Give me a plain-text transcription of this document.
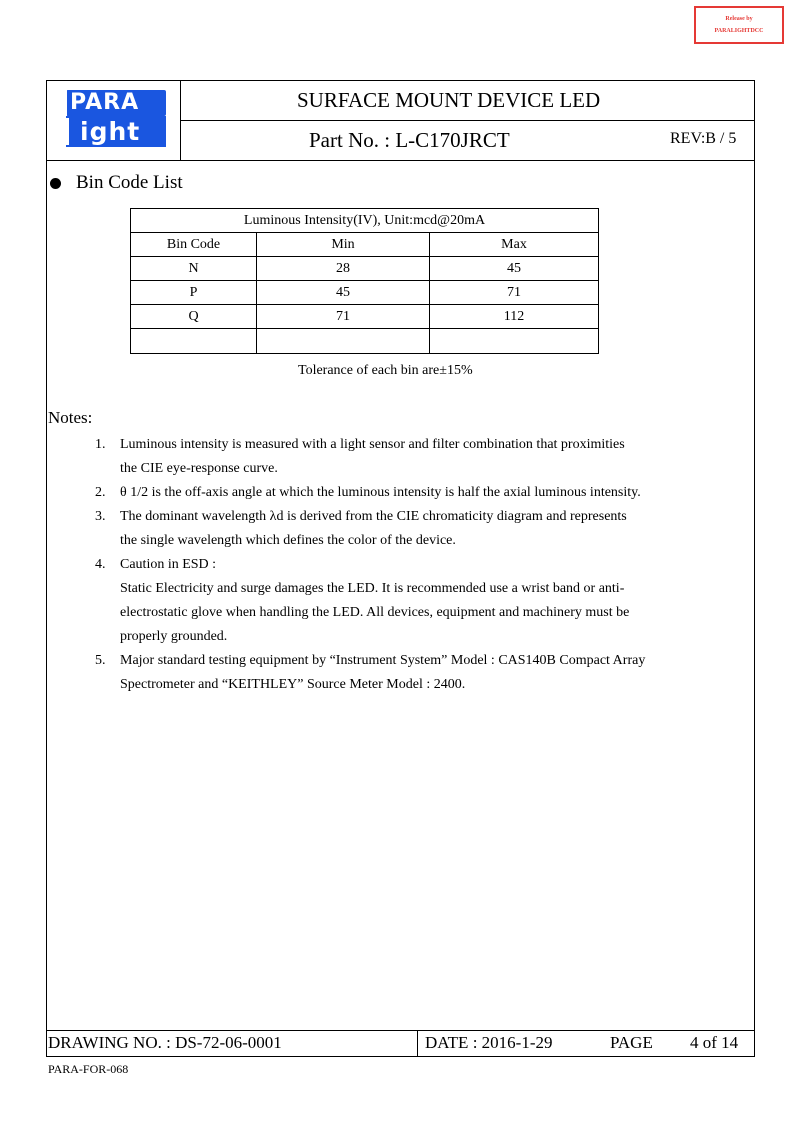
Release by
PARALIGHTDCC
PARA
ight
SURFACE MOUNT DEVICE LED
Part No. : L-C170JRCT	REV:B / 5
Bin Code List
Luminous Intensity(IV), Unit:mcd@20mA		
Bin Code	Min	Max
N	28	45
P	45	71
Q	71	112

Tolerance of each bin are±15%
Notes:
1.	Luminous intensity is measured with a light sensor and filter combination that proximities the CIE eye-response curve.
2.	θ 1/2 is the off-axis angle at which the luminous intensity is half the axial luminous intensity.
3.	The dominant wavelength λd is derived from the CIE chromaticity diagram and represents the single wavelength which defines the color of the device.
4.	Caution in ESD :
Static Electricity and surge damages the LED. It is recommended use a wrist band or anti-electrostatic glove when handling the LED. All devices, equipment and machinery must be properly grounded.
5.	Major standard testing equipment by “Instrument System” Model : CAS140B Compact Array Spectrometer and “KEITHLEY” Source Meter Model : 2400.
DRAWING NO. : DS-72-06-0001	DATE : 2016-1-29	PAGE 4 of 14
PARA-FOR-068
